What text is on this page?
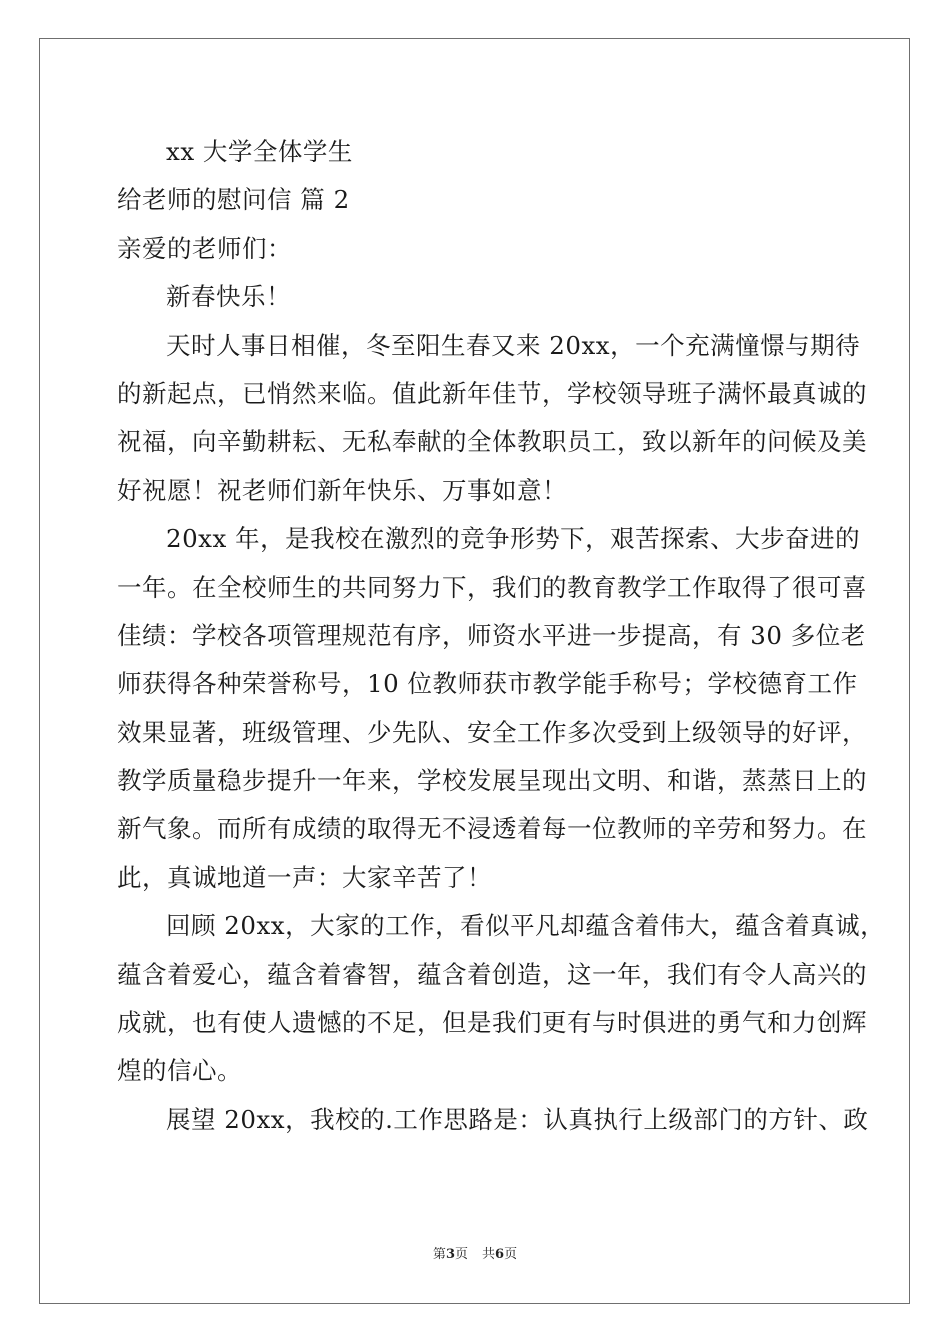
xx 大学全体学生
给老师的慰问信 篇 2
亲爱的老师们：
新春快乐！
天时人事日相催，冬至阳生春又来 20xx，一个充满憧憬与期待
的新起点，已悄然来临。值此新年佳节，学校领导班子满怀最真诚的
祝福，向辛勤耕耘、无私奉献的全体教职员工，致以新年的问候及美
好祝愿！祝老师们新年快乐、万事如意！
20xx 年，是我校在激烈的竞争形势下，艰苦探索、大步奋进的
一年。在全校师生的共同努力下，我们的教育教学工作取得了很可喜
佳绩：学校各项管理规范有序，师资水平进一步提高，有 30 多位老
师获得各种荣誉称号，10 位教师获市教学能手称号；学校德育工作
效果显著，班级管理、少先队、安全工作多次受到上级领导的好评，
教学质量稳步提升一年来，学校发展呈现出文明、和谐，蒸蒸日上的
新气象。而所有成绩的取得无不浸透着每一位教师的辛劳和努力。在
此，真诚地道一声：大家辛苦了！
回顾 20xx，大家的工作，看似平凡却蕴含着伟大，蕴含着真诚，
蕴含着爱心，蕴含着睿智，蕴含着创造，这一年，我们有令人高兴的
成就，也有使人遗憾的不足，但是我们更有与时俱进的勇气和力创辉
煌的信心。
展望 20xx，我校的.工作思路是：认真执行上级部门的方针、政
第3页 共6页
